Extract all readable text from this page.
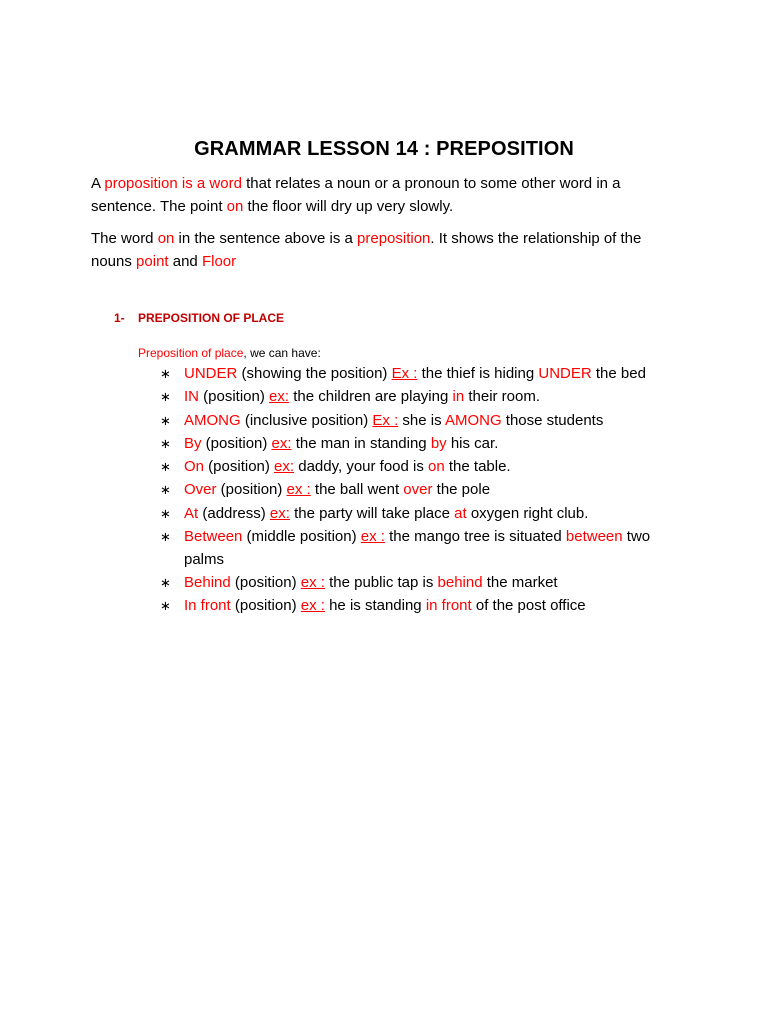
GRAMMAR LESSON 14 : PREPOSITION
A proposition is a word that relates a noun or a pronoun to some other word in a sentence. The point on the floor will dry up very slowly.
The word on in the sentence above is a preposition. It shows the relationship of the nouns point and Floor
1- PREPOSITION OF PLACE
Preposition of place, we can have:
∗ UNDER (showing the position) Ex : the thief is hiding UNDER the bed
∗ IN (position) ex: the children are playing in their room.
∗ AMONG (inclusive position) Ex : she is AMONG those students
∗ By (position) ex: the man in standing by his car.
∗ On (position) ex: daddy, your food is on the table.
∗ Over (position) ex : the ball went over the pole
∗ At (address) ex: the party will take place at oxygen right club.
∗ Between (middle position) ex : the mango tree is situated between two palms
∗ Behind (position) ex : the public tap is behind the market
∗ In front (position) ex : he is standing in front of the post office
